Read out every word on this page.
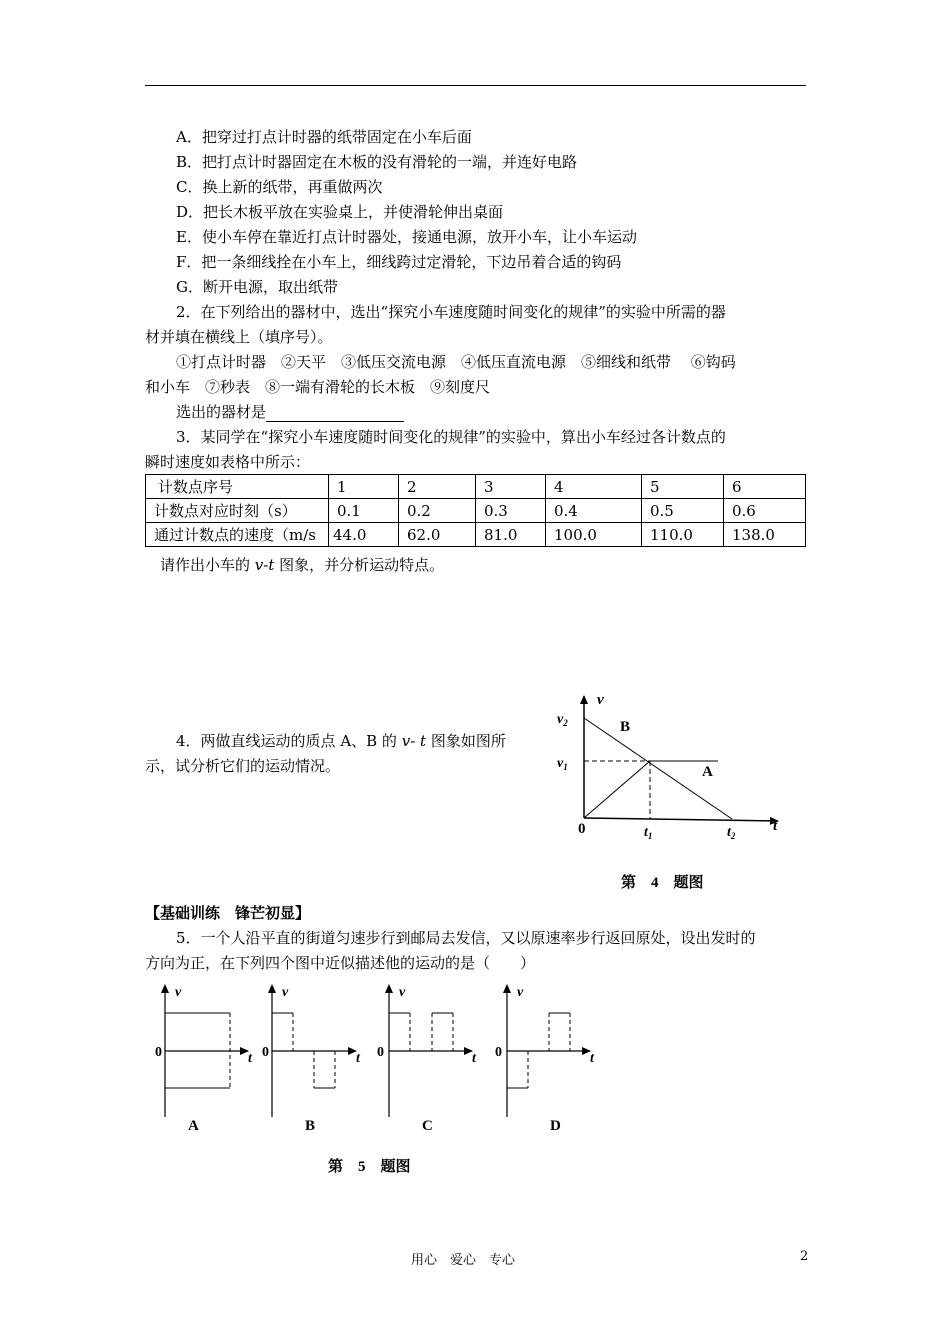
A．把穿过打点计时器的纸带固定在小车后面
B．把打点计时器固定在木板的没有滑轮的一端，并连好电路
C．换上新的纸带，再重做两次
D．把长木板平放在实验桌上，并使滑轮伸出桌面
E．使小车停在靠近打点计时器处，接通电源，放开小车，让小车运动
F．把一条细线拴在小车上，细线跨过定滑轮，下边吊着合适的钩码
G．断开电源，取出纸带
2．在下列给出的器材中，选出“探究小车速度随时间变化的规律”的实验中所需的器
材并填在横线上（填序号）。
①打点计时器　②天平　③低压交流电源　④低压直流电源　⑤细线和纸带　 ⑥钩码
和小车　⑦秒表　⑧一端有滑轮的长木板　⑨刻度尺
选出的器材是
3．某同学在“探究小车速度随时间变化的规律”的实验中，算出小车经过各计数点的
瞬时速度如表格中所示：
计数点序号	1	2	3	4	5	6
计数点对应时刻（s）	0.1	0.2	0.3	0.4	0.5	0.6
通过计数点的速度（m/s	44.0	62.0	81.0	100.0	110.0	138.0
请作出小车的 v-t 图象，并分析运动特点。
4．两做直线运动的质点 A、B 的 v- t 图象如图所
示，试分析它们的运动情况。
v
$v_2$
$v_1$
B
A
0	$t_1$	$t_2$
t
第　4　题图
【基础训练　锋芒初显】
5．一个人沿平直的街道匀速步行到邮局去发信，又以原速率步行返回原处，设出发时的
方向为正，在下列四个图中近似描述他的运动的是（　　）
v
0	t
A
v
0	t
B
v
0	t
C
v
0	t
D
第　5　题图
用心　爱心　专心	2
